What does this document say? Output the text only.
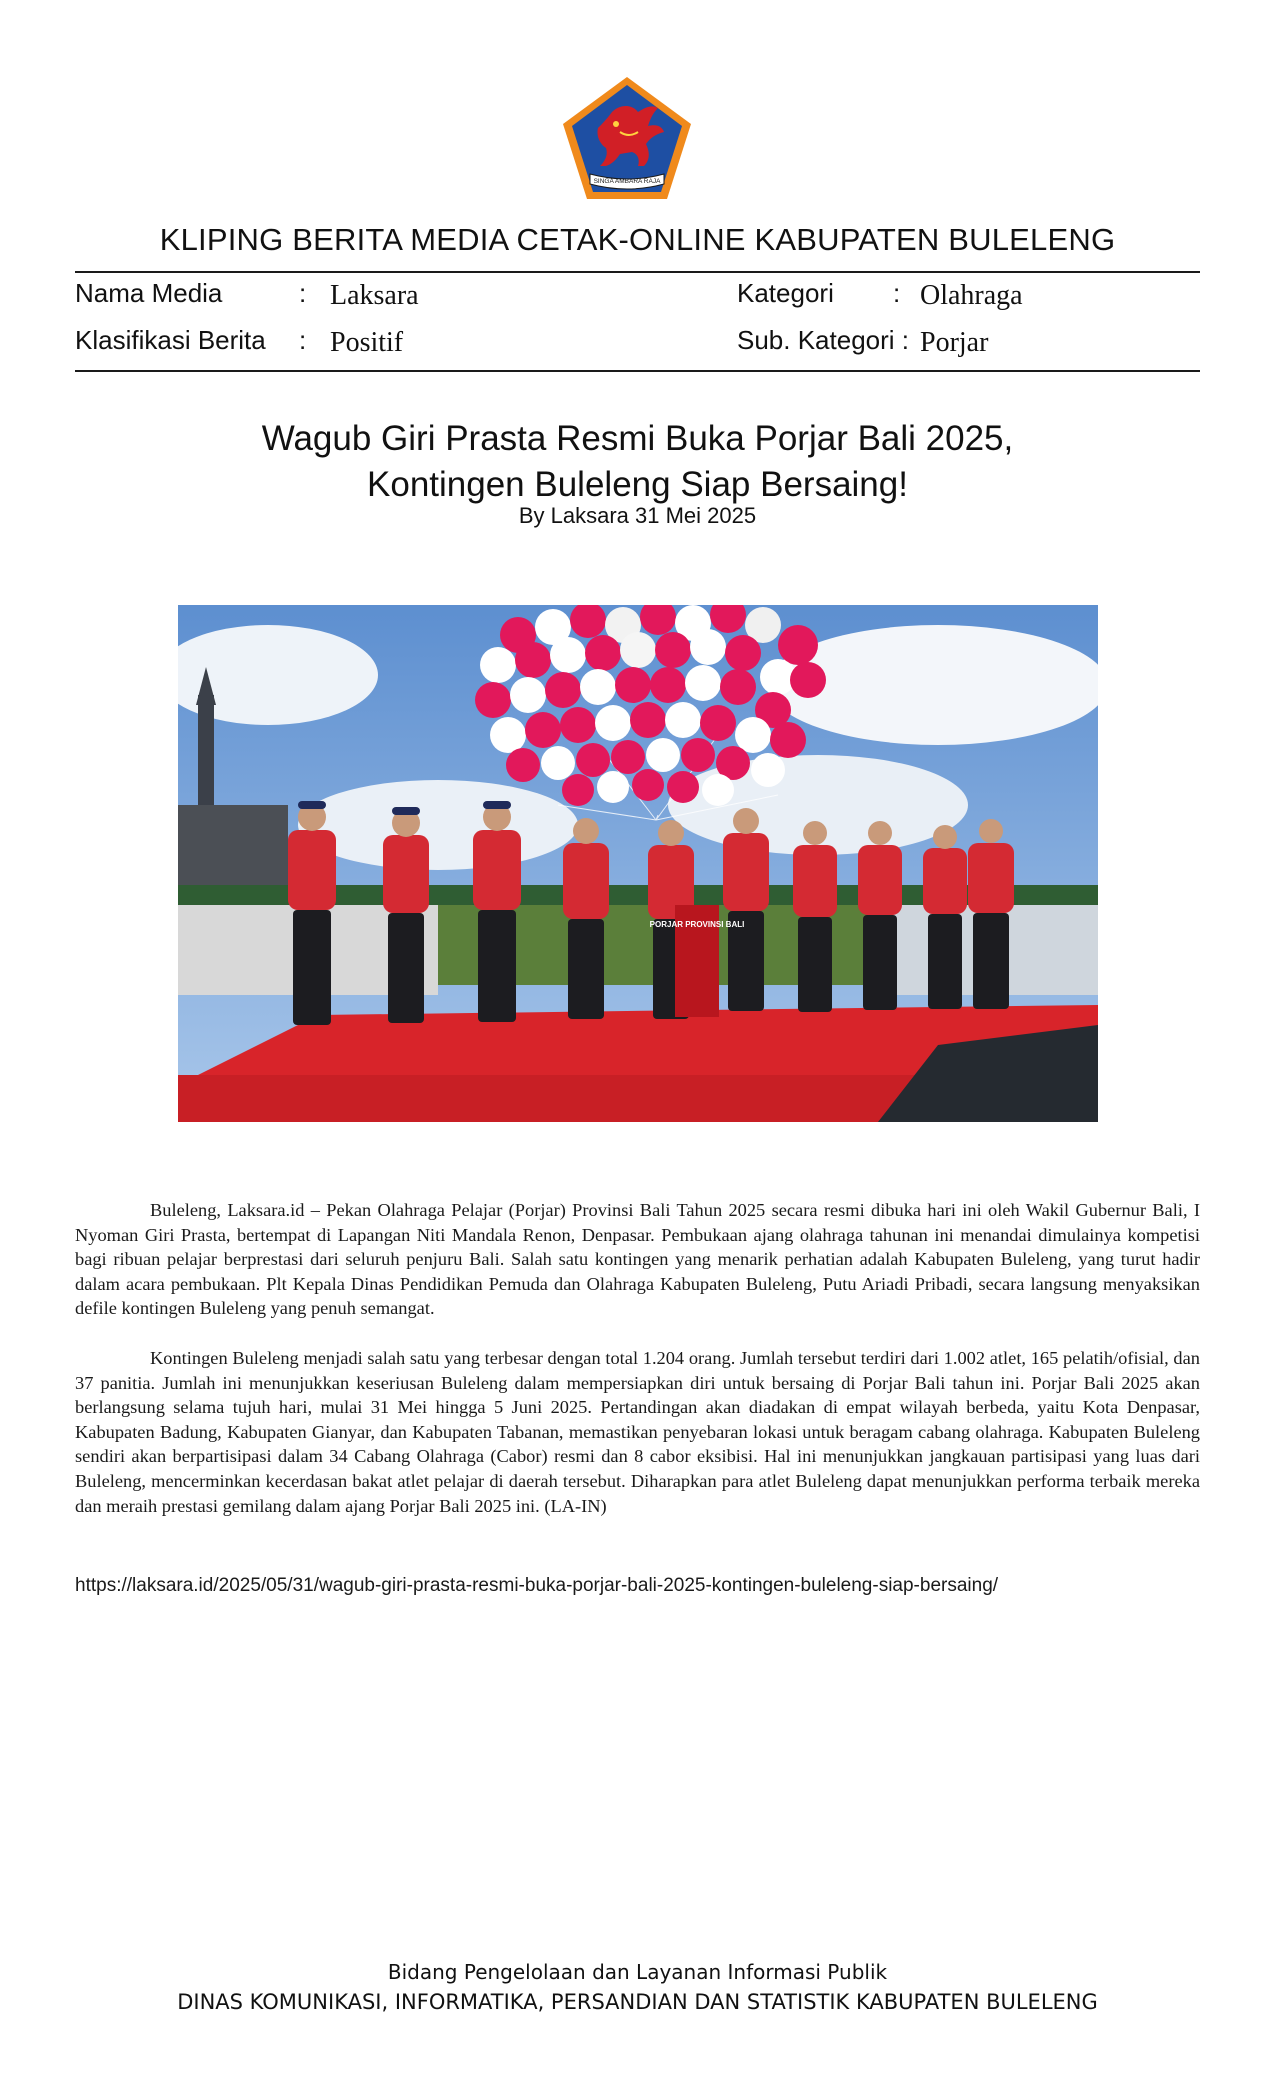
SINGA AMBARA RAJA
KLIPING BERITA MEDIA CETAK-ONLINE KABUPATEN BULELENG
Nama Media	: Laksara	Kategori : Olahraga
Klasifikasi Berita : Positif	Sub. Kategori : Porjar
Wagub Giri Prasta Resmi Buka Porjar Bali 2025,
Kontingen Buleleng Siap Bersaing!
By Laksara 31 Mei 2025
PORJAR PROVINSI BALI

Buleleng, Laksara.id – Pekan Olahraga Pelajar (Porjar) Provinsi Bali Tahun 2025 secara resmi dibuka hari ini oleh Wakil Gubernur Bali, I Nyoman Giri Prasta, bertempat di Lapangan Niti Mandala Renon, Denpasar. Pembukaan ajang olahraga tahunan ini menandai dimulainya kompetisi bagi ribuan pelajar berprestasi dari seluruh penjuru Bali. Salah satu kontingen yang menarik perhatian adalah Kabupaten Buleleng, yang turut hadir dalam acara pembukaan. Plt Kepala Dinas Pendidikan Pemuda dan Olahraga Kabupaten Buleleng, Putu Ariadi Pribadi, secara langsung menyaksikan defile kontingen Buleleng yang penuh semangat.

Kontingen Buleleng menjadi salah satu yang terbesar dengan total 1.204 orang. Jumlah tersebut terdiri dari 1.002 atlet, 165 pelatih/ofisial, dan 37 panitia. Jumlah ini menunjukkan keseriusan Buleleng dalam mempersiapkan diri untuk bersaing di Porjar Bali tahun ini. Porjar Bali 2025 akan berlangsung selama tujuh hari, mulai 31 Mei hingga 5 Juni 2025. Pertandingan akan diadakan di empat wilayah berbeda, yaitu Kota Denpasar, Kabupaten Badung, Kabupaten Gianyar, dan Kabupaten Tabanan, memastikan penyebaran lokasi untuk beragam cabang olahraga. Kabupaten Buleleng sendiri akan berpartisipasi dalam 34 Cabang Olahraga (Cabor) resmi dan 8 cabor eksibisi. Hal ini menunjukkan jangkauan partisipasi yang luas dari Buleleng, mencerminkan kecerdasan bakat atlet pelajar di daerah tersebut. Diharapkan para atlet Buleleng dapat menunjukkan performa terbaik mereka dan meraih prestasi gemilang dalam ajang Porjar Bali 2025 ini. (LA-IN)

https://laksara.id/2025/05/31/wagub-giri-prasta-resmi-buka-porjar-bali-2025-kontingen-buleleng-siap-bersaing/
Bidang Pengelolaan dan Layanan Informasi Publik
DINAS KOMUNIKASI, INFORMATIKA, PERSANDIAN DAN STATISTIK KABUPATEN BULELENG
